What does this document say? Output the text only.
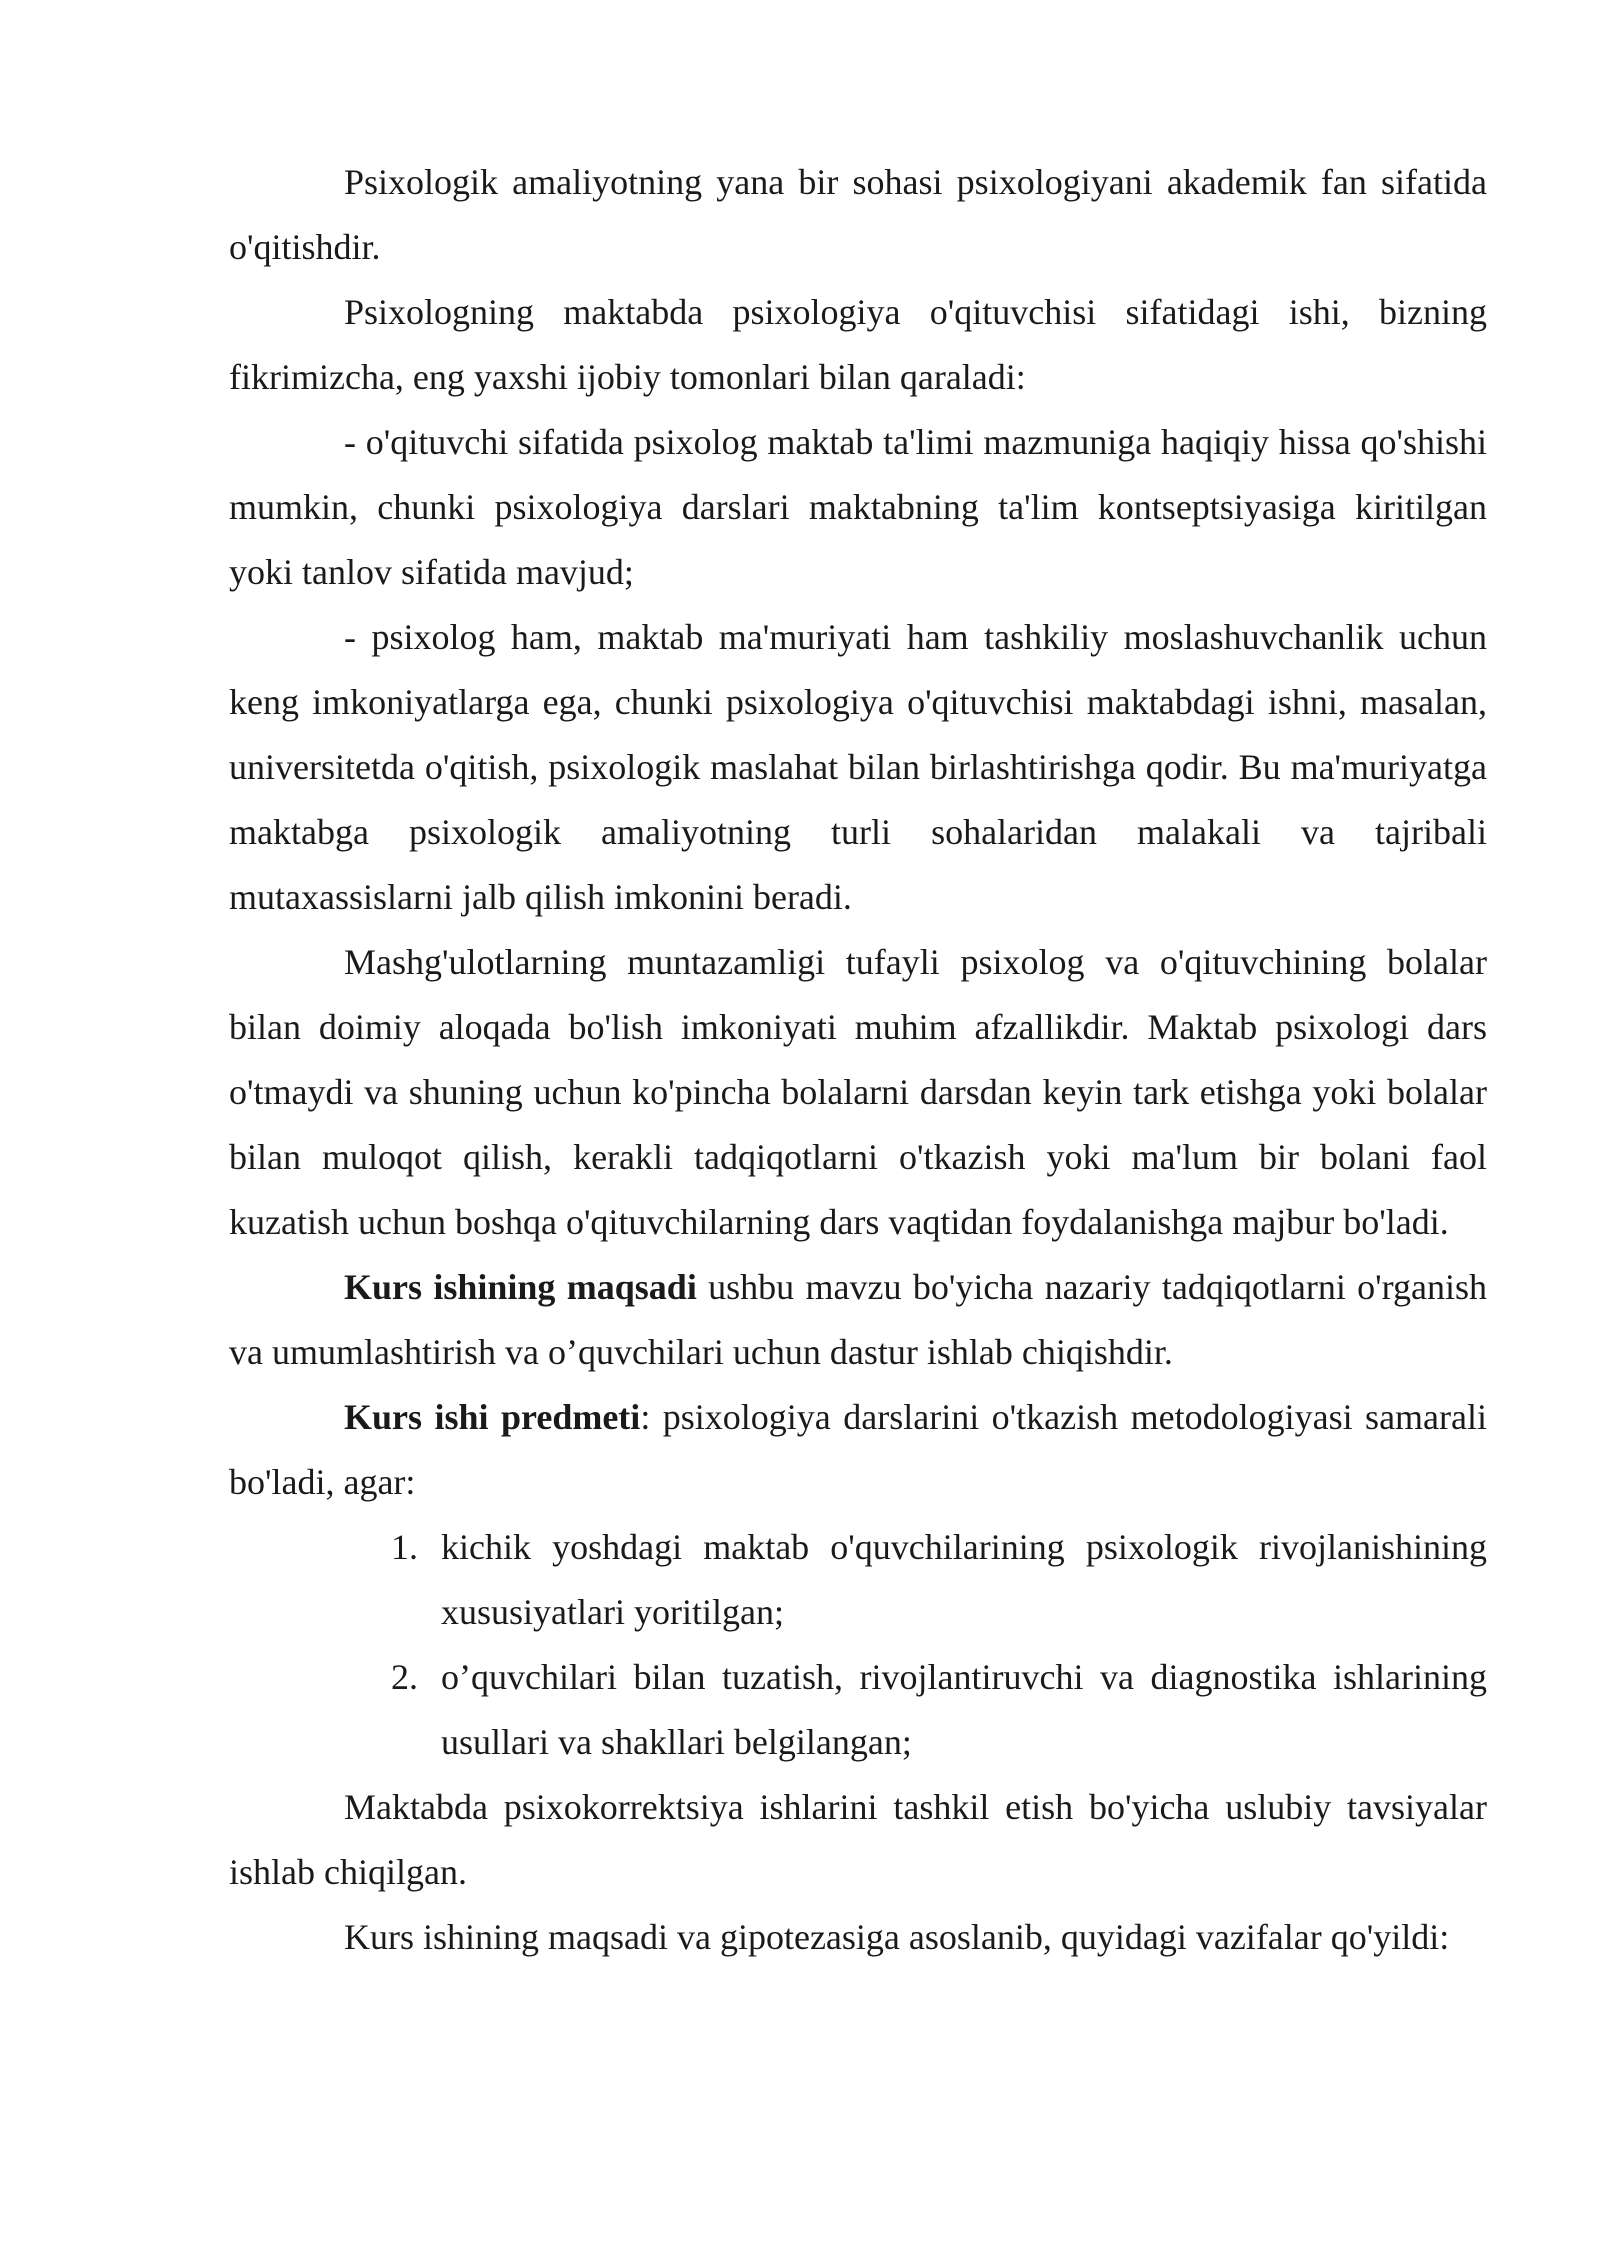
Psixologik amaliyotning yana bir sohasi psixologiyani akademik fan sifatida o'qitishdir.

Psixologning maktabda psixologiya o'qituvchisi sifatidagi ishi, bizning fikrimizcha, eng yaxshi ijobiy tomonlari bilan qaraladi:

- o'qituvchi sifatida psixolog maktab ta'limi mazmuniga haqiqiy hissa qo'shishi mumkin, chunki psixologiya darslari maktabning ta'lim kontseptsiyasiga kiritilgan yoki tanlov sifatida mavjud;

- psixolog ham, maktab ma'muriyati ham tashkiliy moslashuvchanlik uchun keng imkoniyatlarga ega, chunki psixologiya o'qituvchisi maktabdagi ishni, masalan, universitetda o'qitish, psixologik maslahat bilan birlashtirishga qodir. Bu ma'muriyatga maktabga psixologik amaliyotning turli sohalaridan malakali va tajribali mutaxassislarni jalb qilish imkonini beradi.

Mashg'ulotlarning muntazamligi tufayli psixolog va o'qituvchining bolalar bilan doimiy aloqada bo'lish imkoniyati muhim afzallikdir. Maktab psixologi dars o'tmaydi va shuning uchun ko'pincha bolalarni darsdan keyin tark etishga yoki bolalar bilan muloqot qilish, kerakli tadqiqotlarni o'tkazish yoki ma'lum bir bolani faol kuzatish uchun boshqa o'qituvchilarning dars vaqtidan foydalanishga majbur bo'ladi.

Kurs ishining maqsadi ushbu mavzu bo'yicha nazariy tadqiqotlarni o'rganish va umumlashtirish va o’quvchilari uchun dastur ishlab chiqishdir.

Kurs ishi predmeti: psixologiya darslarini o'tkazish metodologiyasi samarali bo'ladi, agar:

1. kichik yoshdagi maktab o'quvchilarining psixologik rivojlanishining xususiyatlari yoritilgan;
2. o’quvchilari bilan tuzatish, rivojlantiruvchi va diagnostika ishlarining usullari va shakllari belgilangan;

Maktabda psixokorrektsiya ishlarini tashkil etish bo'yicha uslubiy tavsiyalar ishlab chiqilgan.

Kurs ishining maqsadi va gipotezasiga asoslanib, quyidagi vazifalar qo'yildi:
